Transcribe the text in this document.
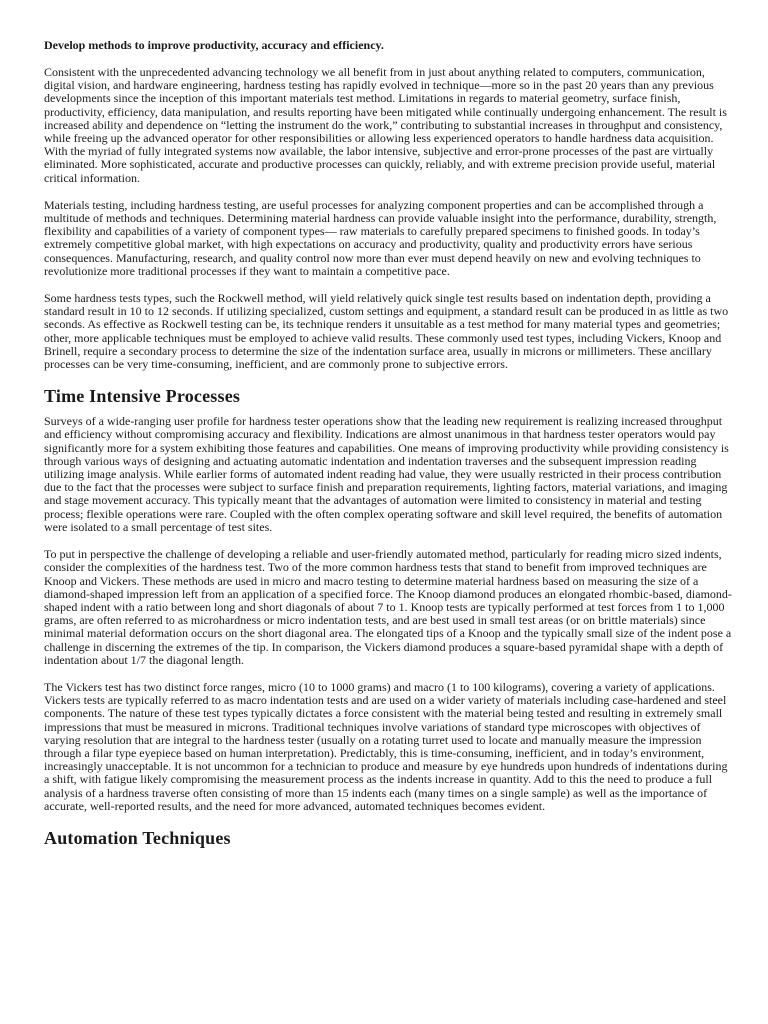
Develop methods to improve productivity, accuracy and efficiency.

Consistent with the unprecedented advancing technology we all benefit from in just about anything related to computers, communication, digital vision, and hardware engineering, hardness testing has rapidly evolved in technique—more so in the past 20 years than any previous developments since the inception of this important materials test method. Limitations in regards to material geometry, surface finish, productivity, efficiency, data manipulation, and results reporting have been mitigated while continually undergoing enhancement. The result is increased ability and dependence on “letting the instrument do the work,” contributing to substantial increases in throughput and consistency, while freeing up the advanced operator for other responsibilities or allowing less experienced operators to handle hardness data acquisition. With the myriad of fully integrated systems now available, the labor intensive, subjective and error-prone processes of the past are virtually eliminated. More sophisticated, accurate and productive processes can quickly, reliably, and with extreme precision provide useful, material critical information.

Materials testing, including hardness testing, are useful processes for analyzing component properties and can be accomplished through a multitude of methods and techniques. Determining material hardness can provide valuable insight into the performance, durability, strength, flexibility and capabilities of a variety of component types— raw materials to carefully prepared specimens to finished goods. In today’s extremely competitive global market, with high expectations on accuracy and productivity, quality and productivity errors have serious consequences. Manufacturing, research, and quality control now more than ever must depend heavily on new and evolving techniques to revolutionize more traditional processes if they want to maintain a competitive pace.

Some hardness tests types, such the Rockwell method, will yield relatively quick single test results based on indentation depth, providing a standard result in 10 to 12 seconds. If utilizing specialized, custom settings and equipment, a standard result can be produced in as little as two seconds. As effective as Rockwell testing can be, its technique renders it unsuitable as a test method for many material types and geometries; other, more applicable techniques must be employed to achieve valid results. These commonly used test types, including Vickers, Knoop and Brinell, require a secondary process to determine the size of the indentation surface area, usually in microns or millimeters. These ancillary processes can be very time-consuming, inefficient, and are commonly prone to subjective errors.

Time Intensive Processes

Surveys of a wide-ranging user profile for hardness tester operations show that the leading new requirement is realizing increased throughput and efficiency without compromising accuracy and flexibility. Indications are almost unanimous in that hardness tester operators would pay significantly more for a system exhibiting those features and capabilities. One means of improving productivity while providing consistency is through various ways of designing and actuating automatic indentation and indentation traverses and the subsequent impression reading utilizing image analysis. While earlier forms of automated indent reading had value, they were usually restricted in their process contribution due to the fact that the processes were subject to surface finish and preparation requirements, lighting factors, material variations, and imaging and stage movement accuracy. This typically meant that the advantages of automation were limited to consistency in material and testing process; flexible operations were rare. Coupled with the often complex operating software and skill level required, the benefits of automation were isolated to a small percentage of test sites.

To put in perspective the challenge of developing a reliable and user-friendly automated method, particularly for reading micro sized indents, consider the complexities of the hardness test. Two of the more common hardness tests that stand to benefit from improved techniques are Knoop and Vickers. These methods are used in micro and macro testing to determine material hardness based on measuring the size of a diamond-shaped impression left from an application of a specified force. The Knoop diamond produces an elongated rhombic-based, diamond-shaped indent with a ratio between long and short diagonals of about 7 to 1. Knoop tests are typically performed at test forces from 1 to 1,000 grams, are often referred to as microhardness or micro indentation tests, and are best used in small test areas (or on brittle materials) since minimal material deformation occurs on the short diagonal area. The elongated tips of a Knoop and the typically small size of the indent pose a challenge in discerning the extremes of the tip. In comparison, the Vickers diamond produces a square-based pyramidal shape with a depth of indentation about 1/7 the diagonal length.

The Vickers test has two distinct force ranges, micro (10 to 1000 grams) and macro (1 to 100 kilograms), covering a variety of applications. Vickers tests are typically referred to as macro indentation tests and are used on a wider variety of materials including case-hardened and steel components. The nature of these test types typically dictates a force consistent with the material being tested and resulting in extremely small impressions that must be measured in microns. Traditional techniques involve variations of standard type microscopes with objectives of varying resolution that are integral to the hardness tester (usually on a rotating turret used to locate and manually measure the impression through a filar type eyepiece based on human interpretation). Predictably, this is time-consuming, inefficient, and in today’s environment, increasingly unacceptable. It is not uncommon for a technician to produce and measure by eye hundreds upon hundreds of indentations during a shift, with fatigue likely compromising the measurement process as the indents increase in quantity. Add to this the need to produce a full analysis of a hardness traverse often consisting of more than 15 indents each (many times on a single sample) as well as the importance of accurate, well-reported results, and the need for more advanced, automated techniques becomes evident.

Automation Techniques
